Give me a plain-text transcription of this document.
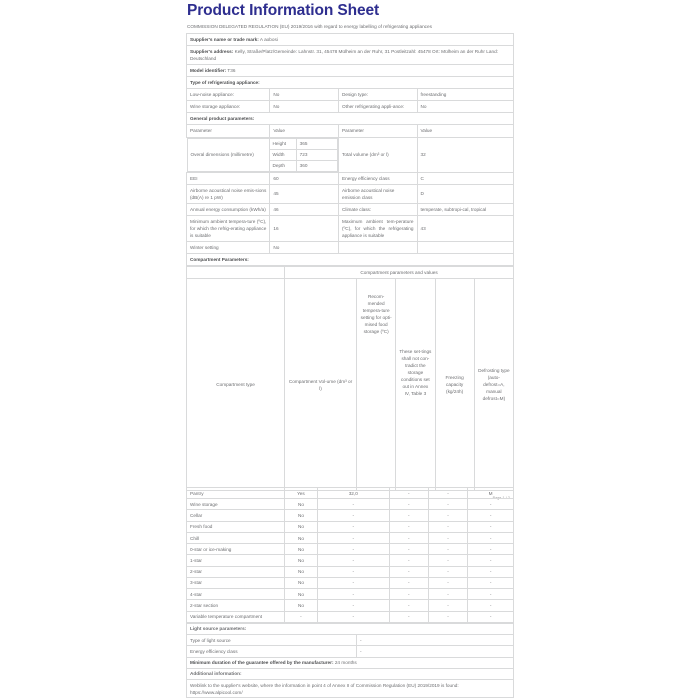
Product Information Sheet
COMMISSION DELEGATED REGULATION (EU) 2019/2016 with regard to energy labelling of refrigerating appliances
Supplier's name or trade mark: A aobosi
Supplier's address: Kelly, Straße/Platz/Gemeinde: Lahnstr. 31, 45478 Mülheim an der Ruhr, 31 Postleitzahl: 45478 Ort: Mülheim an der Ruhr Land: Deutschland
Model identifier: T36
Type of refrigerating appliance:
Low-noise appliance:	No	Design type:	freestanding
Wine storage appliance:	No	Other refrigerating appli-ance:	No
General product parameters:
Parameter	Value	Parameter	Value

Overal dimensions (millimetre)	Height	365
Width	723
Depth	360
	Total volume (dm³ or l)	32
EEI	60	Energy efficiency class	C
Airborne acoustical noise emis-sions (dB(A) re 1 pW)	45	Airborne acoustical noise emission class	D
Annual energy consumption (kWh/a)	46	Climate class:	temperate, subtropi-cal, tropical
Minimum ambient tempera-ture (ºC), for which the refrig-erating appliance is suitable	16	Maximum ambient tem-perature (ºC), for which the refrigerating appliance is suitable	43
Winter setting	No		
Compartment Parameters:
	Compartment parameters and values				
Compartment type	Compartment Vol-ume (dm³ or l)	Recom-mended tempera-ture setting for opti-mised food storage (ºC)	These set-tings shall not con-tradict the storage conditions set out in Annex IV, Table 3	Freezing capacity (kg/24h)	Defrosting type (auto-defrost=A, manual defrost=M)
Page 1 / 2
Pantry	Yes	32,0	-	-	M
Wine storage	No	-	-	-	-
Cellar	No	-	-	-	-
Fresh food	No	-	-	-	-
Chill	No	-	-	-	-
0-star or ice-making	No	-	-	-	-
1-star	No	-	-	-	-
2-star	No	-	-	-	-
3-star	No	-	-	-	-
4-star	No	-	-	-	-
2-star section	No	-	-	-	-
Variable temperature compartment	-	-	-	-	-
Light source parameters:	
Type of light source	-
Energy efficiency class	-
Minimum duration of the guarantee offered by the manufacturer: 24 months	
Additional information:	
Weblink to the supplier's website, where the information in point 4 of Annex II of Commission Regulation (EU) 2019/2019 is found: https://www.alpicool.com/	
